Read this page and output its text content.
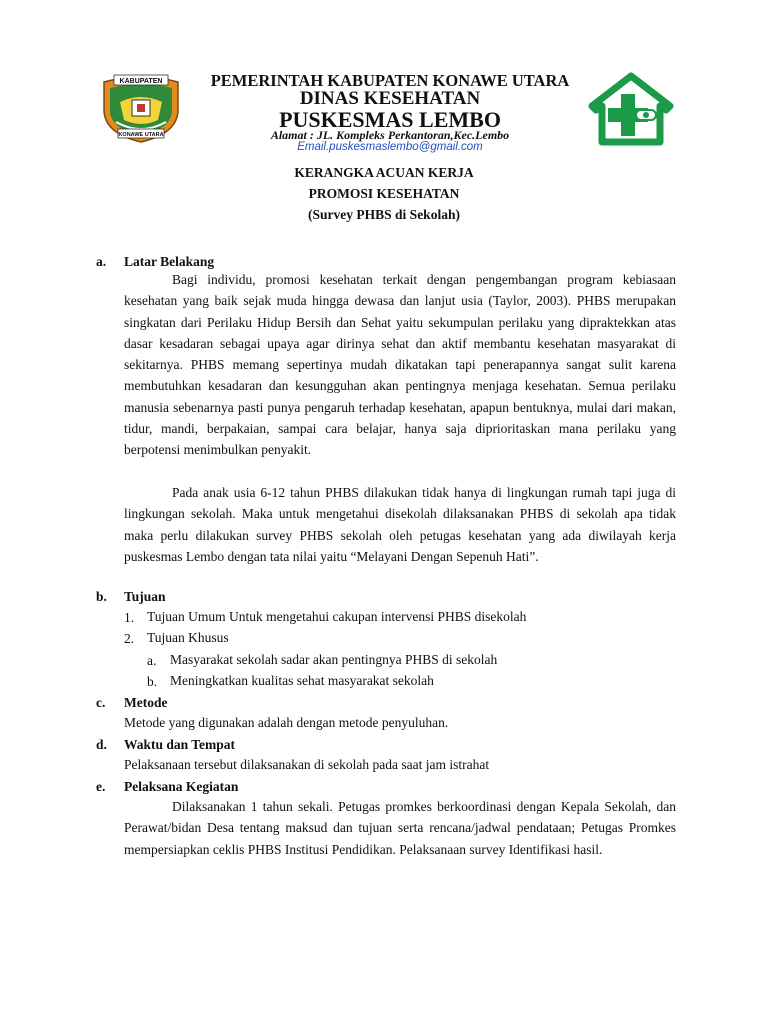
KABUPATEN
KONAWE UTARA
PEMERINTAH KABUPATEN KONAWE UTARA
DINAS KESEHATAN
PUSKESMAS LEMBO
Alamat : JL. Kompleks Perkantoran,Kec.Lembo
Email.puskesmaslembo@gmail.com
KERANGKA ACUAN KERJA
PROMOSI KESEHATAN
(Survey PHBS di Sekolah)
a. Latar Belakang

Bagi individu, promosi kesehatan terkait dengan pengembangan program kebiasaan kesehatan yang baik sejak muda hingga dewasa dan lanjut usia (Taylor, 2003). PHBS merupakan singkatan dari Perilaku Hidup Bersih dan Sehat yaitu sekumpulan perilaku yang dipraktekkan atas dasar kesadaran sebagai upaya agar dirinya sehat dan aktif membantu kesehatan masyarakat di sekitarnya. PHBS memang sepertinya mudah dikatakan tapi penerapannya sangat sulit karena membutuhkan kesadaran dan kesungguhan akan pentingnya menjaga kesehatan. Semua perilaku manusia sebenarnya pasti punya pengaruh terhadap kesehatan, apapun bentuknya, mulai dari makan, tidur, mandi, berpakaian, sampai cara belajar, hanya saja diprioritaskan mana perilaku yang berpotensi menimbulkan penyakit.

Pada anak usia 6-12 tahun PHBS dilakukan tidak hanya di lingkungan rumah tapi juga di lingkungan sekolah. Maka untuk mengetahui disekolah dilaksanakan PHBS di sekolah apa tidak maka perlu dilakukan survey PHBS sekolah oleh petugas kesehatan yang ada diwilayah kerja puskesmas Lembo dengan tata nilai yaitu “Melayani Dengan Sepenuh Hati”.

b. Tujuan
1. Tujuan Umum Untuk mengetahui cakupan intervensi PHBS disekolah
2. Tujuan Khusus
a. Masyarakat sekolah sadar akan pentingnya PHBS di sekolah
b. Meningkatkan kualitas sehat masyarakat sekolah
c. Metode
Metode yang digunakan adalah dengan metode penyuluhan.
d. Waktu dan Tempat
Pelaksanaan tersebut dilaksanakan di sekolah pada saat jam istrahat
e. Pelaksana Kegiatan

Dilaksanakan 1 tahun sekali. Petugas promkes berkoordinasi dengan Kepala Sekolah, dan Perawat/bidan Desa tentang maksud dan tujuan serta rencana/jadwal pendataan; Petugas Promkes mempersiapkan ceklis PHBS Institusi Pendidikan. Pelaksanaan survey Identifikasi hasil.
